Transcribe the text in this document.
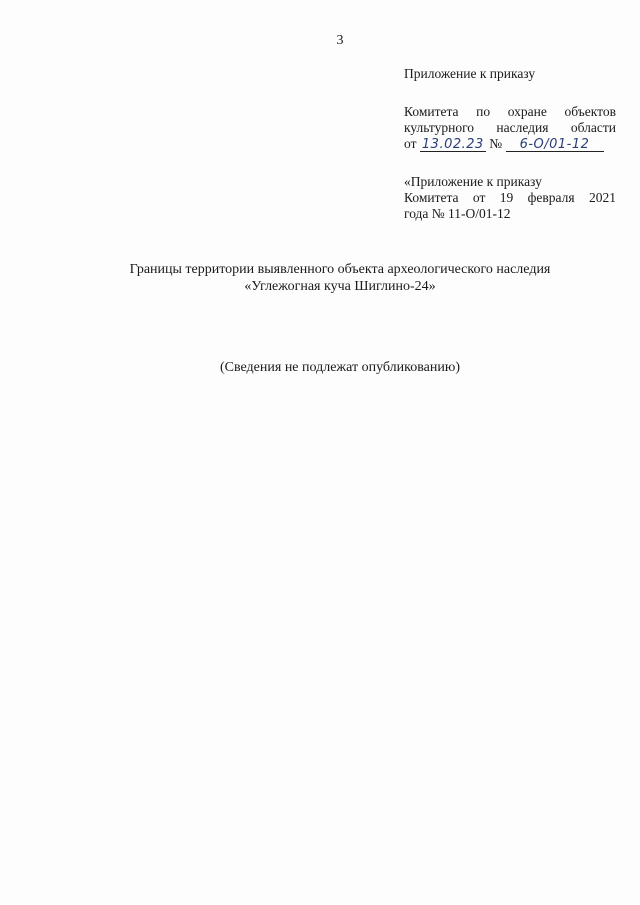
3
Приложение к приказу
Комитета по охране объектов
культурного наследия области
от 13.02.23 № 6-О/01-12
«Приложение к приказу
Комитета от 19 февраля 2021
года № 11-О/01-12
Границы территории выявленного объекта археологического наследия
«Углежогная куча Шиглино-24»
(Сведения не подлежат опубликованию)
